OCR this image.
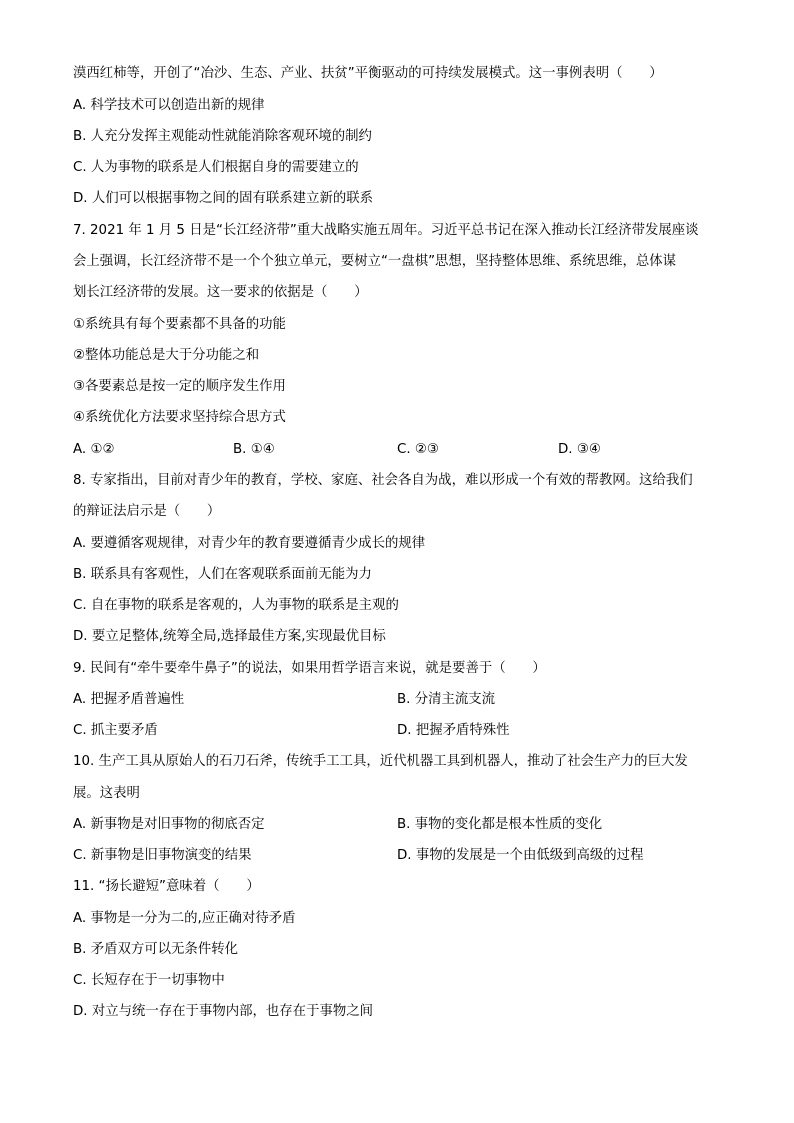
漠西红柿等，开创了“冶沙、生态、产业、扶贫”平衡驱动的可持续发展模式。这一事例表明（　　）
A. 科学技术可以创造出新的规律
B. 人充分发挥主观能动性就能消除客观环境的制约
C. 人为事物的联系是人们根据自身的需要建立的
D. 人们可以根据事物之间的固有联系建立新的联系
7. 2021 年 1 月 5 日是“长江经济带”重大战略实施五周年。习近平总书记在深入推动长江经济带发展座谈
会上强调，长江经济带不是一个个独立单元，要树立“一盘棋”思想，坚持整体思维、系统思维，总体谋
划长江经济带的发展。这一要求的依据是（　　）
①系统具有每个要素都不具备的功能
②整体功能总是大于分功能之和
③各要素总是按一定的顺序发生作用
④系统优化方法要求坚持综合思方式
A. ①②	B. ①④	C. ②③	D. ③④
8. 专家指出，目前对青少年的教育，学校、家庭、社会各自为战，难以形成一个有效的帮教网。这给我们
的辩证法启示是（　　）
A. 要遵循客观规律，对青少年的教育要遵循青少成长的规律
B. 联系具有客观性，人们在客观联系面前无能为力
C. 自在事物的联系是客观的，人为事物的联系是主观的
D. 要立足整体,统筹全局,选择最佳方案,实现最优目标
9. 民间有“牵牛要牵牛鼻子”的说法，如果用哲学语言来说，就是要善于（　　）
A. 把握矛盾普遍性	B. 分清主流支流
C. 抓主要矛盾	D. 把握矛盾特殊性
10. 生产工具从原始人的石刀石斧，传统手工工具，近代机器工具到机器人，推动了社会生产力的巨大发
展。这表明
A. 新事物是对旧事物的彻底否定	B. 事物的变化都是根本性质的变化
C. 新事物是旧事物演变的结果	D. 事物的发展是一个由低级到高级的过程
11. “扬长避短”意味着（　　）
A. 事物是一分为二的,应正确对待矛盾
B. 矛盾双方可以无条件转化
C. 长短存在于一切事物中
D. 对立与统一存在于事物内部，也存在于事物之间
